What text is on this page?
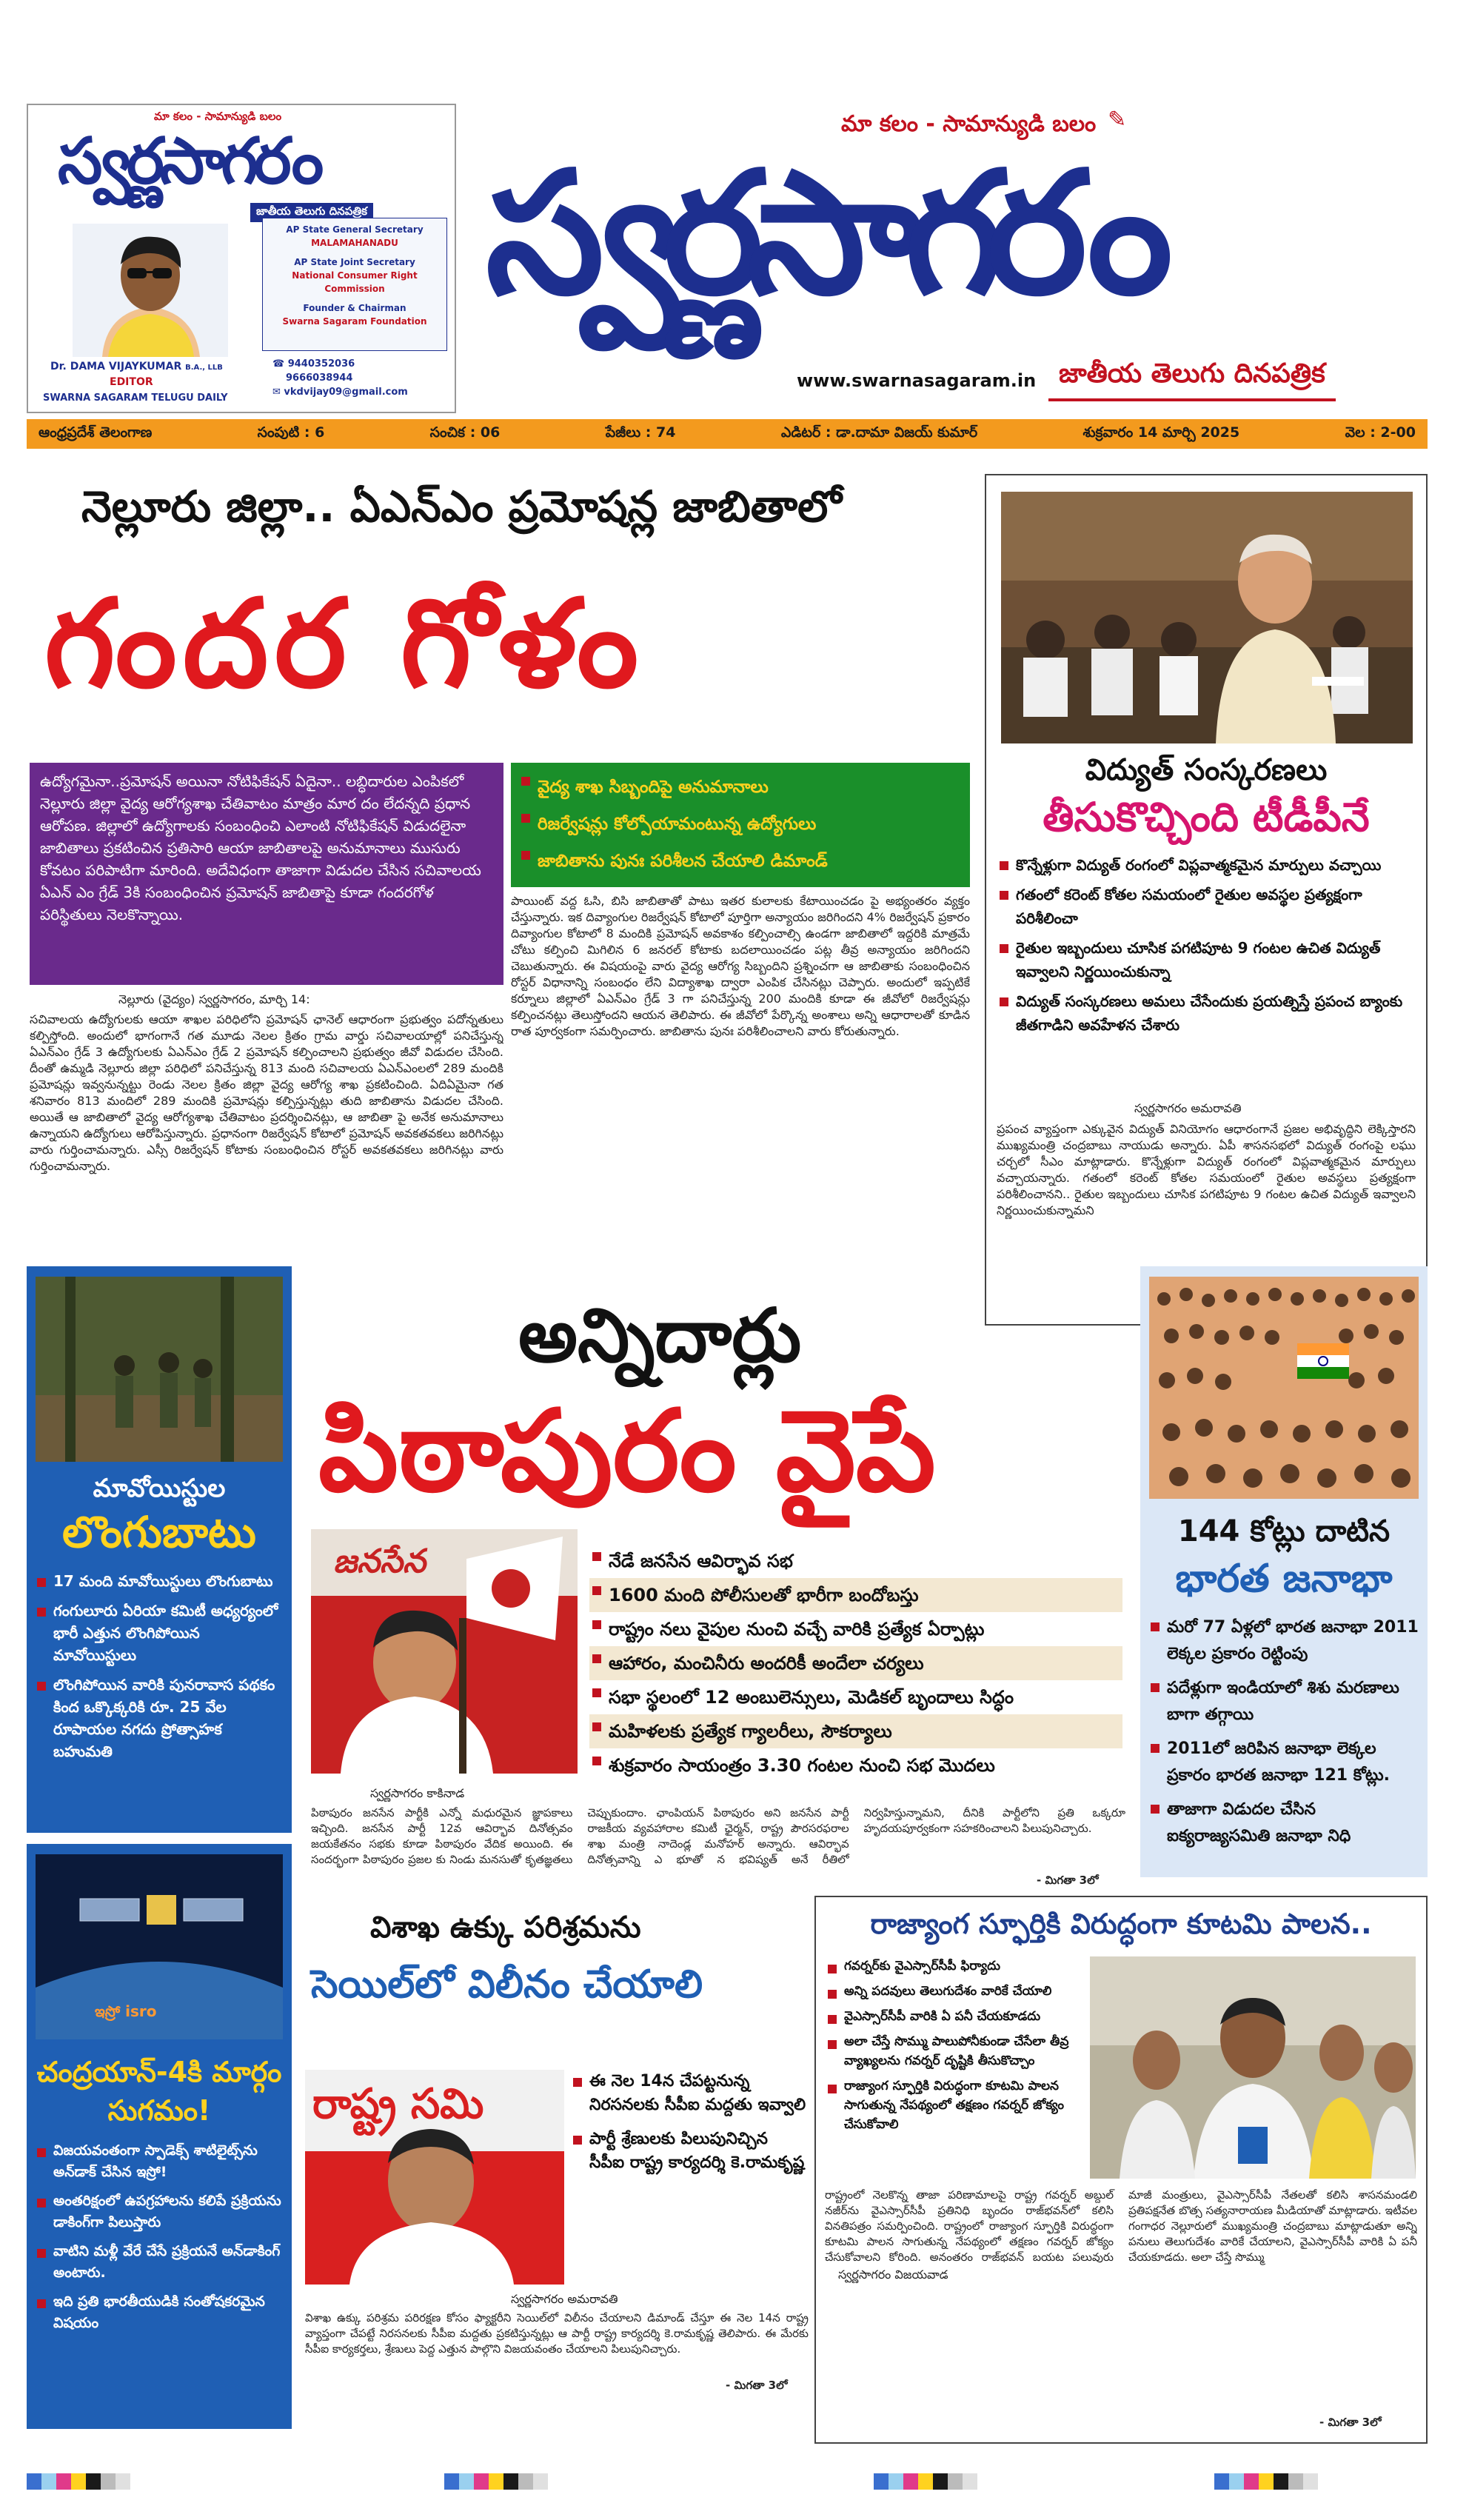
మా కలం - సామాన్యుడి బలం
స్వర్ణసాగరం
జాతీయ తెలుగు దినపత్రిక
Dr. DAMA VIJAYKUMAR B.A., LLB
EDITOR
SWARNA SAGARAM TELUGU DAILY
AP State General Secretary
MALAMAHANADU
AP State Joint Secretary
National Consumer Right Commission
Founder & Chairman
Swarna Sagaram Foundation
☎ 9440352036
9666038944
✉ vkdvijay09@gmail.com
మా కలం - సామాన్యుడి బలం ✎
స్వర్ణసాగరం
www.swarnasagaram.in జాతీయ తెలుగు దినపత్రిక
ఆంధ్రప్రదేశ్ తెలంగాణ	సంపుటి : 6	సంచిక : 06	పేజీలు : 74	ఎడిటర్ : డా.దామా విజయ్ కుమార్	శుక్రవారం 14 మార్చి 2025	వెల : 2-00
నెల్లూరు జిల్లా.. ఏఎన్ఎం ప్రమోషన్ల జాబితాలో
గందర గోళం
ఉద్యోగమైనా..ప్రమోషన్ అయినా నోటిఫికేషన్ ఏదైనా.. లబ్ధిదారుల ఎంపికలో నెల్లూరు జిల్లా వైద్య ఆరోగ్యశాఖ చేతివాటం మాత్రం మార దం లేదన్నది ప్రధాన ఆరోపణ. జిల్లాలో ఉద్యోగాలకు సంబంధించి ఎలాంటి నోటిఫికేషన్ విడుదలైనా జాబితాలు ప్రకటించిన ప్రతిసారి ఆయా జాబితాలపై అనుమానాలు ముసురు కోవటం పరిపాటిగా మారింది. అదేవిధంగా తాజాగా విడుదల చేసిన సచివాలయ ఏఎన్ ఎం గ్రేడ్ 3కి సంబంధించిన ప్రమోషన్ జాబితాపై కూడా గందరగోళ పరిస్థితులు నెలకొన్నాయి.
వైద్య శాఖ సిబ్బందిపై అనుమానాలు
రిజర్వేషన్లు కోల్పోయామంటున్న ఉద్యోగులు
జాబితాను పునః పరిశీలన చేయాలి డిమాండ్
నెల్లూరు (వైద్యం) స్వర్ణసాగరం, మార్చి 14:
సచివాలయ ఉద్యోగులకు ఆయా శాఖల పరిధిలోని ప్రమోషన్ ఛానెల్ ఆధారంగా ప్రభుత్వం పదోన్నతులు కల్పిస్తోంది. అందులో భాగంగానే గత మూడు నెలల క్రితం గ్రామ వార్డు సచివాలయాల్లో పనిచేస్తున్న ఏఎన్ఎం గ్రేడ్ 3 ఉద్యోగులకు ఏఎన్ఎం గ్రేడ్ 2 ప్రమోషన్ కల్పించాలని ప్రభుత్వం జీవో విడుదల చేసింది. దీంతో ఉమ్మడి నెల్లూరు జిల్లా పరిధిలో పనిచేస్తున్న 813 మంది సచివాలయ ఏఎన్ఎంలలో 289 మందికి ప్రమోషన్లు ఇవ్వనున్నట్టు రెండు నెలల క్రితం జిల్లా వైద్య ఆరోగ్య శాఖ ప్రకటించింది. ఏదిఏమైనా గత శనివారం 813 మందిలో 289 మందికి ప్రమోషన్లు కల్పిస్తున్నట్లు తుది జాబితాను విడుదల చేసింది. అయితే ఆ జాబితాలో వైద్య ఆరోగ్యశాఖ చేతివాటం ప్రదర్శించినట్లు, ఆ జాబితా పై అనేక అనుమానాలు ఉన్నాయని ఉద్యోగులు ఆరోపిస్తున్నారు. ప్రధానంగా రిజర్వేషన్ కోటాలో ప్రమోషన్ అవకతవకలు జరిగినట్లు వారు గుర్తించామన్నారు. ఎస్సీ రిజర్వేషన్ కోటాకు సంబంధించిన రోస్టర్ అవకతవకలు జరిగినట్లు వారు గుర్తించామన్నారు.
పాయింట్ వద్ద ఓసి, బిసి జాబితాతో పాటు ఇతర కులాలకు కేటాయించడం పై అభ్యంతరం వ్యక్తం చేస్తున్నారు. ఇక దివ్యాంగుల రిజర్వేషన్ కోటాలో పూర్తిగా అన్యాయం జరిగిందని 4% రిజర్వేషన్ ప్రకారం దివ్యాంగుల కోటాలో 8 మందికి ప్రమోషన్ అవకాశం కల్పించాల్సి ఉండగా జాబితాలో ఇద్దరికి మాత్రమే చోటు కల్పించి మిగిలిన 6 జనరల్ కోటాకు బదలాయించడం పట్ల తీవ్ర అన్యాయం జరిగిందని చెబుతున్నారు. ఈ విషయంపై వారు వైద్య ఆరోగ్య సిబ్బందిని ప్రశ్నించగా ఆ జాబితాకు సంబంధించిన రోస్టర్ విధానాన్ని సంబంధం లేని విద్యాశాఖ ద్వారా ఎంపిక చేసినట్లు చెప్పారు. అందులో ఇప్పటికే కర్నూలు జిల్లాలో ఏఎన్ఎం గ్రేడ్ 3 గా పనిచేస్తున్న 200 మందికి కూడా ఈ జీవోలో రిజర్వేషన్లు కల్పించనట్లు తెలుస్తోందని ఆయన తెలిపారు. ఈ జీవోలో పేర్కొన్న అంశాలు అన్ని ఆధారాలతో కూడిన రాత పూర్వకంగా సమర్పించారు. జాబితాను పునః పరిశీలించాలని వారు కోరుతున్నారు.
విద్యుత్ సంస్కరణలు
తీసుకొచ్చింది టీడీపీనే
కొన్నేళ్లుగా విద్యుత్ రంగంలో విప్లవాత్మకమైన మార్పులు వచ్చాయి
గతంలో కరెంట్ కోతల సమయంలో రైతుల అవస్థల ప్రత్యక్షంగా పరిశీలించా
రైతుల ఇబ్బందులు చూసిక పగటిపూట 9 గంటల ఉచిత విద్యుత్ ఇవ్వాలని నిర్ణయించుకున్నా
విద్యుత్ సంస్కరణలు అమలు చేసేందుకు ప్రయత్నిస్తే ప్రపంచ బ్యాంకు జీతగాడిని అవహేళన చేశారు
స్వర్ణసాగరం అమరావతి
ప్రపంచ వ్యాప్తంగా ఎక్కువైన విద్యుత్ వినియోగం ఆధారంగానే ప్రజల అభివృద్ధిని లెక్కిస్తారని ముఖ్యమంత్రి చంద్రబాబు నాయుడు అన్నారు. ఏపీ శాసనసభలో విద్యుత్ రంగంపై లఘు చర్చలో సీఎం మాట్లాడారు. కొన్నేళ్లుగా విద్యుత్ రంగంలో విప్లవాత్మకమైన మార్పులు వచ్చాయన్నారు. గతంలో కరెంట్ కోతల సమయంలో రైతుల అవస్థలు ప్రత్యక్షంగా పరిశీలించానని.. రైతుల ఇబ్బందులు చూసిక పగటిపూట 9 గంటల ఉచిత విద్యుత్ ఇవ్వాలని నిర్ణయించుకున్నామని
మావోయిస్టుల
లొంగుబాటు
17 మంది మావోయిస్టులు లొంగుబాటు
గంగులూరు ఏరియా కమిటీ అధ్యర్యంలో భారీ ఎత్తున లొంగిపోయిన మావోయిస్టులు
లొంగిపోయిన వారికి పునరావాస పథకం కింద ఒక్కొక్కరికి రూ. 25 వేల రూపాయల నగదు ప్రోత్సాహక బహుమతి
అన్నిదార్లు
పిఠాపురం వైపే
జనసేన	నేడే జనసేన ఆవిర్భావ సభ
1600 మంది పోలీసులతో భారీగా బందోబస్తు
రాష్ట్రం నలు వైపుల నుంచి వచ్చే వారికి ప్రత్యేక ఏర్పాట్లు
ఆహారం, మంచినీరు అందరికీ అందేలా చర్యలు
సభా స్థలంలో 12 అంబులెన్సులు, మెడికల్ బృందాలు సిద్ధం
మహిళలకు ప్రత్యేక గ్యాలరీలు, సౌకర్యాలు
శుక్రవారం సాయంత్రం 3.30 గంటల నుంచి సభ మొదలు
స్వర్ణసాగరం కాకినాడ
పిఠాపురం జనసేన పార్టీకి ఎన్నో మధురమైన జ్ఞాపకాలు ఇచ్చింది. జనసేన పార్టీ 12వ ఆవిర్భావ దినోత్సవం జయకేతనం సభకు కూడా పిఠాపురం వేదిక అయింది. ఈ సందర్భంగా పిఠాపురం ప్రజల కు నిండు మనసుతో కృతజ్ఞతలు చెప్పుకుందాం. ఛాంపియన్ పిఠాపురం అని జనసేన పార్టీ రాజకీయ వ్యవహారాల కమిటీ ఛైర్మన్, రాష్ట్ర పౌరసరఫరాల శాఖ మంత్రి నాదెండ్ల మనోహర్ అన్నారు. ఆవిర్భావ దినోత్సవాన్ని ఎ భూతో న భవిష్యత్ అనే రీతిలో నిర్వహిస్తున్నామని, దీనికి పార్టీలోని ప్రతి ఒక్కరూ హృదయపూర్వకంగా సహకరించాలని పిలుపునిచ్చారు.
- మిగతా 3లో
144 కోట్లు దాటిన
భారత జనాభా
మరో 77 ఏళ్లలో భారత జనాభా 2011 లెక్కల ప్రకారం రెట్టింపు
పదేళ్లుగా ఇండియాలో శిశు మరణాలు బాగా తగ్గాయి
2011లో జరిపిన జనాభా లెక్కల ప్రకారం భారత జనాభా 121 కోట్లు.
తాజాగా విడుదల చేసిన ఐక్యరాజ్యసమితి జనాభా నిధి
ఇస్రో isro
చంద్రయాన్-4కి మార్గం సుగమం!
విజయవంతంగా స్పాడెక్స్ శాటిలైట్స్‌ను అన్‌డాక్ చేసిన ఇస్రో!
అంతరిక్షంలో ఉపగ్రహాలను కలిపే ప్రక్రియను డాకింగ్‌గా పిలుస్తారు
వాటిని మళ్లీ వేరే చేసే ప్రక్రియనే అన్‌డాకింగ్ అంటారు.
ఇది ప్రతి భారతీయుడికి సంతోషకరమైన విషయం
విశాఖ ఉక్కు పరిశ్రమను
సెయిల్‌లో విలీనం చేయాలి
రాష్ట్ర సమి	ఈ నెల 14న చేపట్టనున్న నిరసనలకు సీపీఐ మద్దతు ఇవ్వాలి
పార్టీ శ్రేణులకు పిలుపునిచ్చిన సీపీఐ రాష్ట్ర కార్యదర్శి కె.రామకృష్ణ
స్వర్ణసాగరం అమరావతి
విశాఖ ఉక్కు పరిశ్రమ పరిరక్షణ కోసం ఫ్యాక్టరీని సెయిల్‌లో విలీనం చేయాలని డిమాండ్ చేస్తూ ఈ నెల 14న రాష్ట్ర వ్యాప్తంగా చేపట్టే నిరసనలకు సీపీఐ మద్దతు ప్రకటిస్తున్నట్లు ఆ పార్టీ రాష్ట్ర కార్యదర్శి కె.రామకృష్ణ తెలిపారు. ఈ మేరకు సీపీఐ కార్యకర్తలు, శ్రేణులు పెద్ద ఎత్తున పాల్గొని విజయవంతం చేయాలని పిలుపునిచ్చారు.
- మిగతా 3లో
రాజ్యాంగ స్ఫూర్తికి విరుద్ధంగా కూటమి పాలన..
గవర్నర్‌కు వైఎస్సార్‌సీపీ ఫిర్యాదు
అన్ని పదవులు తెలుగుదేశం వారికే చేయాలి
వైఎస్సార్‌సీపీ వారికి ఏ పనీ చేయకూడదు
అలా చేస్తే సొమ్ము పాలుపోనీకుండా చేసేలా తీవ్ర వ్యాఖ్యలను గవర్నర్ దృష్టికి తీసుకొచ్చాం
రాజ్యాంగ స్ఫూర్తికి విరుద్ధంగా కూటమి పాలన సాగుతున్న నేపథ్యంలో తక్షణం గవర్నర్ జోక్యం చేసుకోవాలి
స్వర్ణసాగరం విజయవాడ
రాష్ట్రంలో నెలకొన్న తాజా పరిణామాలపై రాష్ట్ర గవర్నర్ అబ్దుల్ నజీర్‌ను వైఎస్సార్‌సీపీ ప్రతినిధి బృందం రాజ్‌భవన్‌లో కలిసి వినతిపత్రం సమర్పించింది. రాష్ట్రంలో రాజ్యాంగ స్ఫూర్తికి విరుద్ధంగా కూటమి పాలన సాగుతున్న నేపథ్యంలో తక్షణం గవర్నర్ జోక్యం చేసుకోవాలని కోరింది. అనంతరం రాజ్‌భవన్ బయట పలువురు మాజీ మంత్రులు, వైఎస్సార్‌సీపీ నేతలతో కలిసి శాసనమండలి ప్రతిపక్షనేత బొత్స సత్యనారాయణ మీడియాతో మాట్లాడారు. ఇటీవల గంగాధర నెల్లూరులో ముఖ్యమంత్రి చంద్రబాబు మాట్లాడుతూ అన్ని పనులు తెలుగుదేశం వారికే చేయాలని, వైఎస్సార్‌సీపీ వారికి ఏ పనీ చేయకూడదు. అలా చేస్తే సొమ్ము
- మిగతా 3లో
